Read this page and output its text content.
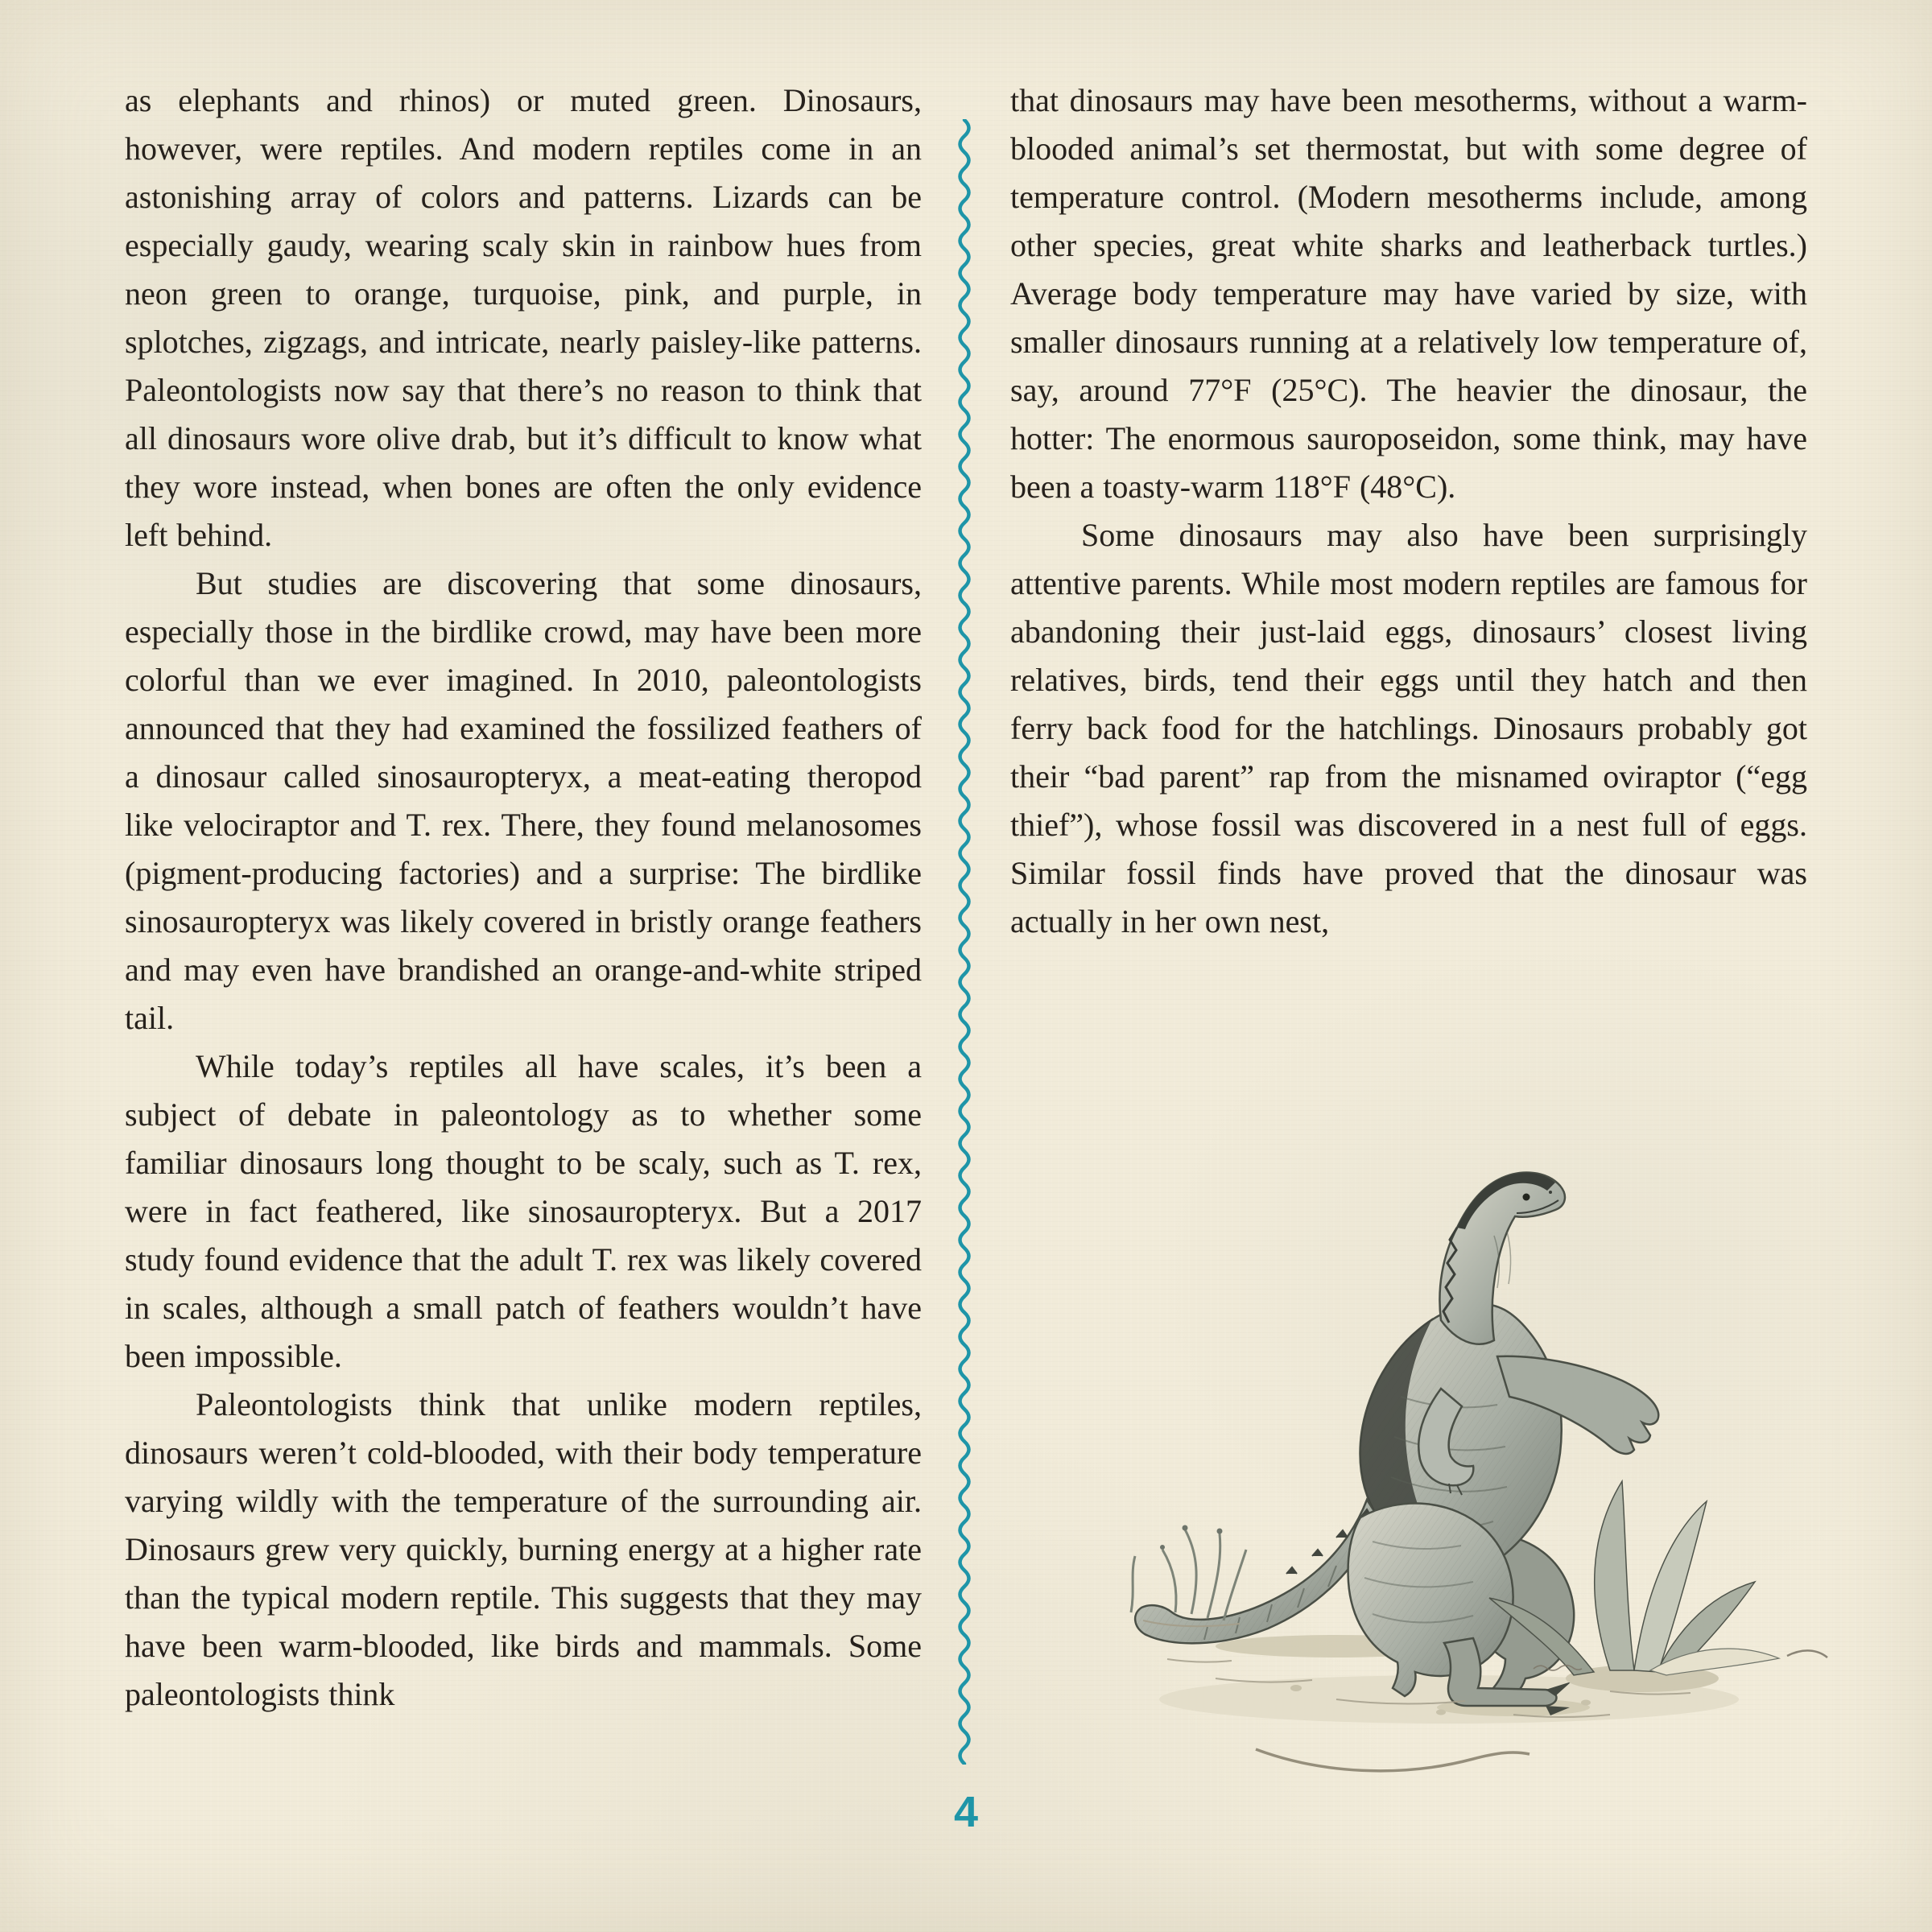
as elephants and rhinos) or muted green. Dinosaurs, however, were reptiles. And modern reptiles come in an astonishing array of colors and patterns. Lizards can be especially gaudy, wearing scaly skin in rainbow hues from neon green to orange, turquoise, pink, and purple, in splotches, zigzags, and intricate, nearly paisley-like patterns. Paleontologists now say that there’s no reason to think that all dinosaurs wore olive drab, but it’s difficult to know what they wore instead, when bones are often the only evidence left behind.

But studies are discovering that some dinosaurs, especially those in the birdlike crowd, may have been more colorful than we ever imagined. In 2010, paleontologists announced that they had examined the fossilized feathers of a dinosaur called sinosauropteryx, a meat-eating theropod like velociraptor and T. rex. There, they found melanosomes (pigment-producing factories) and a surprise: The birdlike sinosauropteryx was likely covered in bristly orange feathers and may even have brandished an orange-and-white striped tail.

While today’s reptiles all have scales, it’s been a subject of debate in paleontology as to whether some familiar dinosaurs long thought to be scaly, such as T. rex, were in fact feathered, like sinosauropteryx. But a 2017 study found evidence that the adult T. rex was likely covered in scales, although a small patch of feathers wouldn’t have been impossible.

Paleontologists think that unlike modern reptiles, dinosaurs weren’t cold-blooded, with their body temperature varying wildly with the temperature of the surrounding air. Dinosaurs grew very quickly, burning energy at a higher rate than the typical modern reptile. This suggests that they may have been warm-blooded, like birds and mammals. Some paleontologists think

that dinosaurs may have been mesotherms, without a warm-blooded animal’s set thermostat, but with some degree of temperature control. (Modern mesotherms include, among other species, great white sharks and leatherback turtles.) Average body temperature may have varied by size, with smaller dinosaurs running at a relatively low temperature of, say, around 77°F (25°C). The heavier the dinosaur, the hotter: The enormous sauroposeidon, some think, may have been a toasty-warm 118°F (48°C).

Some dinosaurs may also have been surprisingly attentive parents. While most modern reptiles are famous for abandoning their just-laid eggs, dinosaurs’ closest living relatives, birds, tend their eggs until they hatch and then ferry back food for the hatchlings. Dinosaurs probably got their “bad parent” rap from the misnamed oviraptor (“egg thief”), whose fossil was discovered in a nest full of eggs. Similar fossil finds have proved that the dinosaur was actually in her own nest,

4
